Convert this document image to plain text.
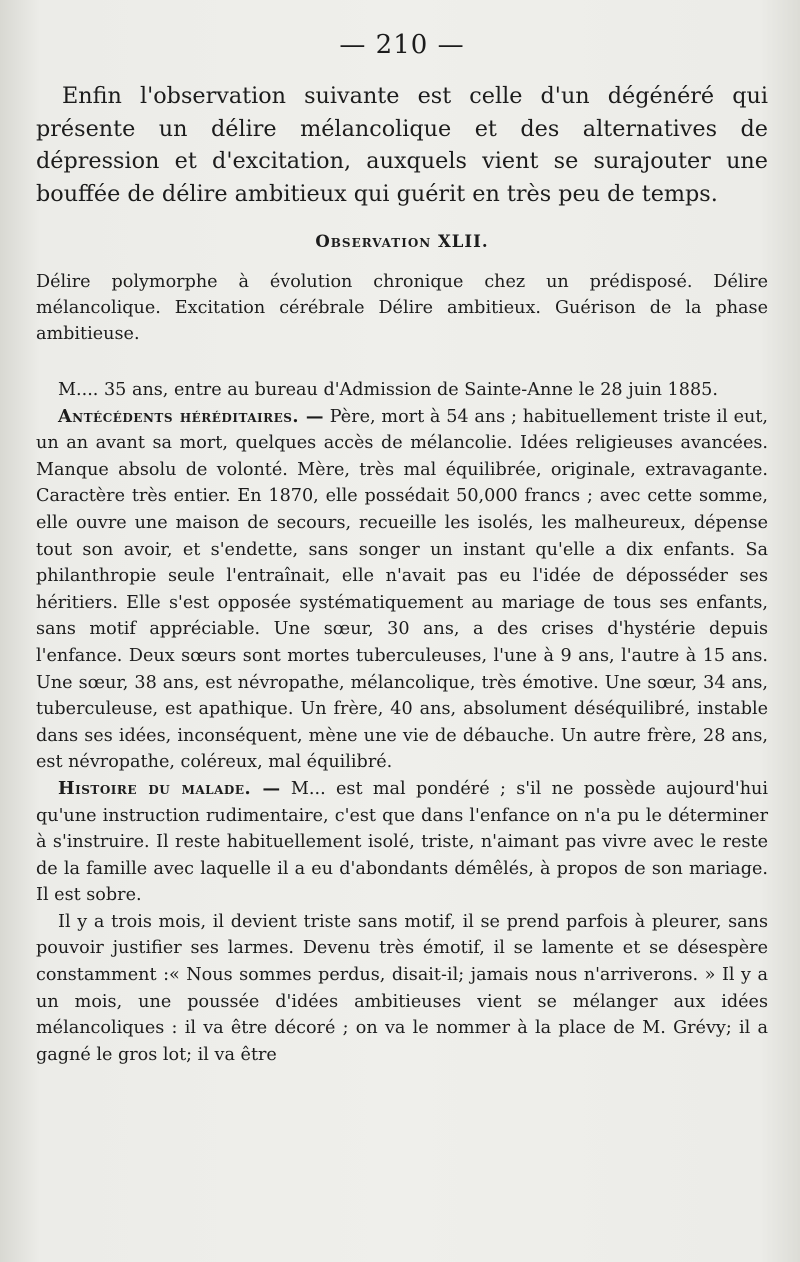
— 210 —

Enfin l'observation suivante est celle d'un dégénéré qui présente un délire mélancolique et des alternatives de dépression et d'excitation, auxquels vient se surajouter une bouffée de délire ambitieux qui guérit en très peu de temps.

Observation XLII.

Délire polymorphe à évolution chronique chez un prédisposé. Délire mélancolique. Excitation cérébrale Délire ambitieux. Guérison de la phase ambitieuse.

M.... 35 ans, entre au bureau d'Admission de Sainte-Anne le 28 juin 1885.

Antécédents héréditaires. — Père, mort à 54 ans ; habituellement triste il eut, un an avant sa mort, quelques accès de mélancolie. Idées religieuses avancées. Manque absolu de volonté. Mère, très mal équilibrée, originale, extravagante. Caractère très entier. En 1870, elle possédait 50,000 francs ; avec cette somme, elle ouvre une maison de secours, recueille les isolés, les malheureux, dépense tout son avoir, et s'endette, sans songer un instant qu'elle a dix enfants. Sa philanthropie seule l'entraînait, elle n'avait pas eu l'idée de déposséder ses héritiers. Elle s'est opposée systématiquement au mariage de tous ses enfants, sans motif appréciable. Une sœur, 30 ans, a des crises d'hystérie depuis l'enfance. Deux sœurs sont mortes tuberculeuses, l'une à 9 ans, l'autre à 15 ans. Une sœur, 38 ans, est névropathe, mélancolique, très émotive. Une sœur, 34 ans, tuberculeuse, est apathique. Un frère, 40 ans, absolument déséquilibré, instable dans ses idées, inconséquent, mène une vie de débauche. Un autre frère, 28 ans, est névropathe, coléreux, mal équilibré.

Histoire du malade. — M... est mal pondéré ; s'il ne possède aujourd'hui qu'une instruction rudimentaire, c'est que dans l'enfance on n'a pu le déterminer à s'instruire. Il reste habituellement isolé, triste, n'aimant pas vivre avec le reste de la famille avec laquelle il a eu d'abondants démêlés, à propos de son mariage. Il est sobre.

Il y a trois mois, il devient triste sans motif, il se prend parfois à pleurer, sans pouvoir justifier ses larmes. Devenu très émotif, il se lamente et se désespère constamment :« Nous sommes perdus, disait-il; jamais nous n'arriverons. » Il y a un mois, une poussée d'idées ambitieuses vient se mélanger aux idées mélancoliques : il va être décoré ; on va le nommer à la place de M. Grévy; il a gagné le gros lot; il va être
